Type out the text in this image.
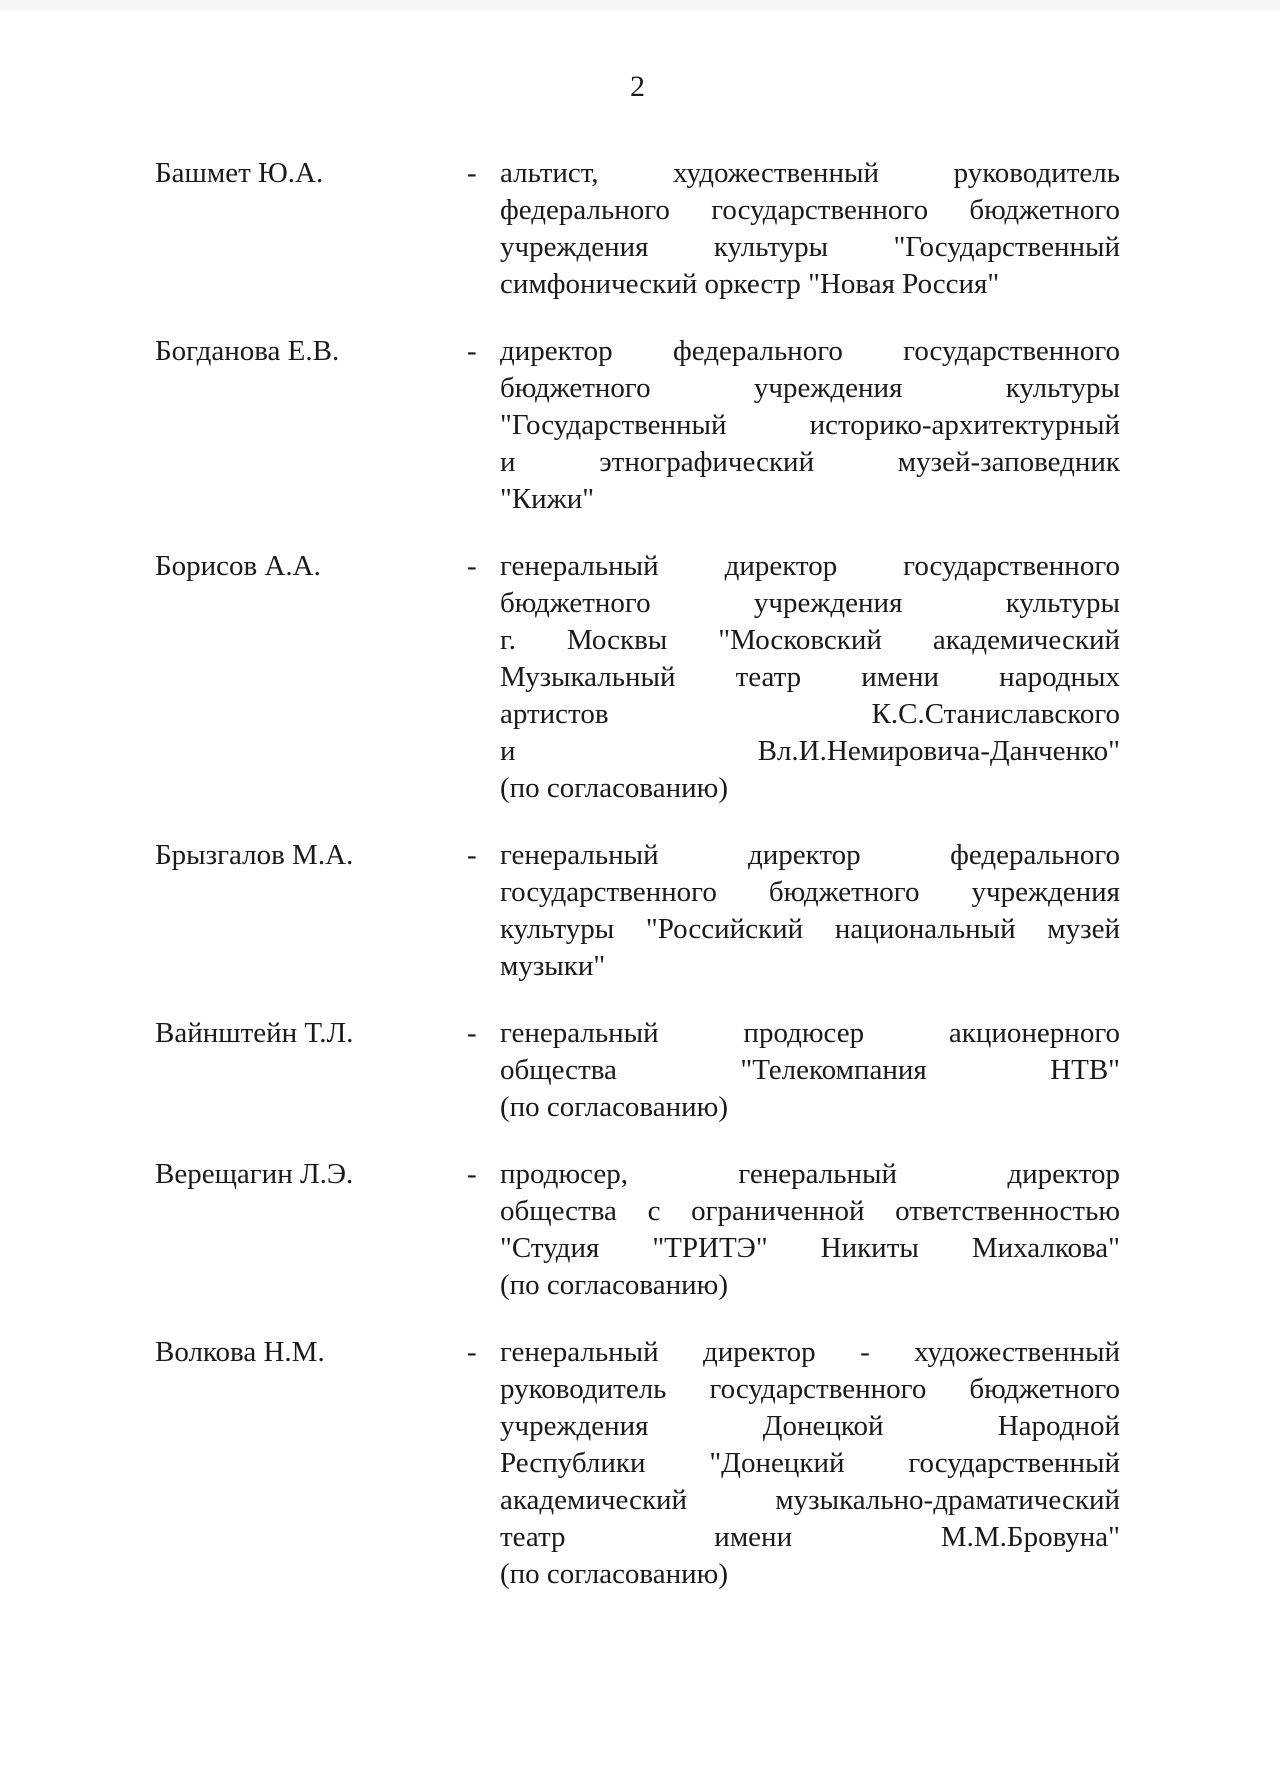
2
Башмет Ю.А.	- альтист, художественный руководитель
федерального государственного бюджетного
учреждения культуры "Государственный
симфонический оркестр "Новая Россия"
Богданова Е.В.	- директор федерального государственного
бюджетного учреждения культуры
"Государственный историко-архитектурный
и этнографический музей-заповедник
"Кижи"
Борисов А.А.	- генеральный директор государственного
бюджетного учреждения культуры
г. Москвы "Московский академический
Музыкальный театр имени народных
артистов К.С.Станиславского
и Вл.И.Немировича-Данченко"
(по согласованию)
Брызгалов М.А.	- генеральный директор федерального
государственного бюджетного учреждения
культуры "Российский национальный музей
музыки"
Вайнштейн Т.Л.	- генеральный продюсер акционерного
общества "Телекомпания НТВ"
(по согласованию)
Верещагин Л.Э.	- продюсер, генеральный директор
общества с ограниченной ответственностью
"Студия "ТРИТЭ" Никиты Михалкова"
(по согласованию)
Волкова Н.М.	- генеральный директор - художественный
руководитель государственного бюджетного
учреждения Донецкой Народной
Республики "Донецкий государственный
академический музыкально-драматический
театр имени М.М.Бровуна"
(по согласованию)
